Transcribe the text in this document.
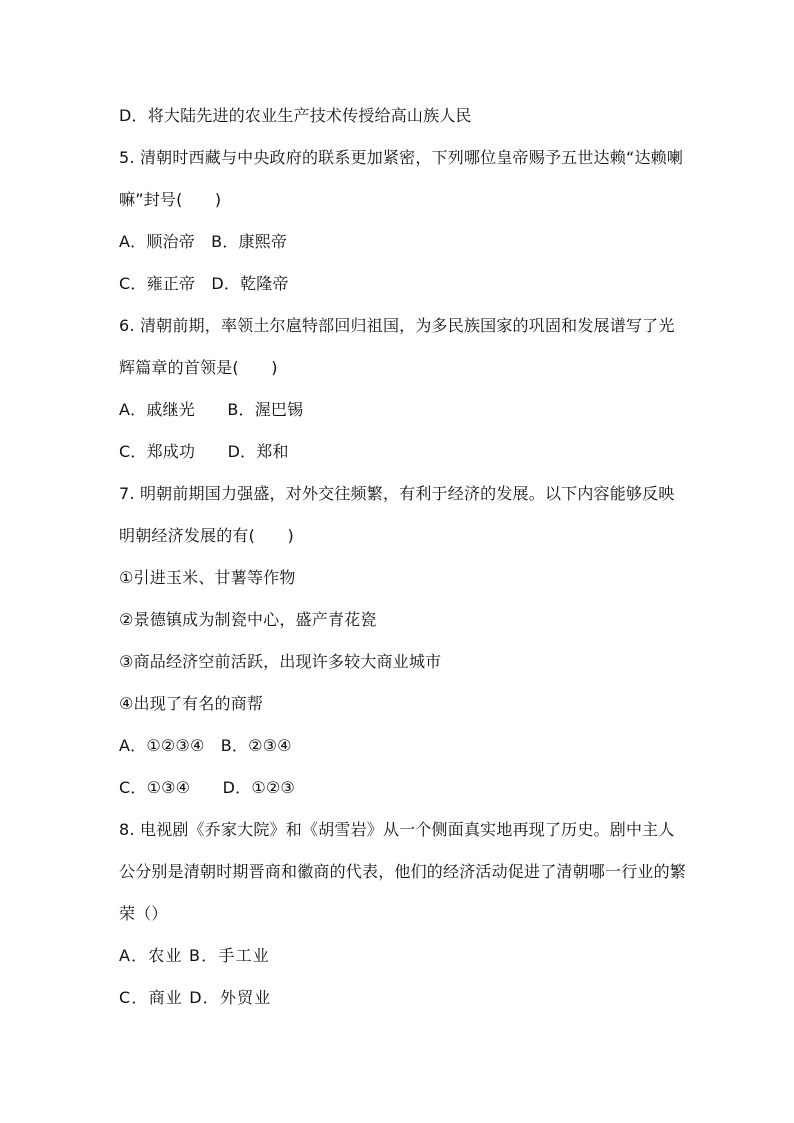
D．将大陆先进的农业生产技术传授给高山族人民
5. 清朝时西藏与中央政府的联系更加紧密，下列哪位皇帝赐予五世达赖“达赖喇
嘛”封号(　　)
A．顺治帝　B．康熙帝
C．雍正帝　D．乾隆帝
6. 清朝前期，率领土尔扈特部回归祖国，为多民族国家的巩固和发展谱写了光
辉篇章的首领是(　　)
A．戚继光　　B．渥巴锡
C．郑成功　　D．郑和
7. 明朝前期国力强盛，对外交往频繁，有利于经济的发展。以下内容能够反映
明朝经济发展的有(　　)
①引进玉米、甘薯等作物
②景德镇成为制瓷中心，盛产青花瓷
③商品经济空前活跃，出现许多较大商业城市
④出现了有名的商帮
A．①②③④　B．②③④
C．①③④　　D．①②③
8. 电视剧《乔家大院》和《胡雪岩》从一个侧面真实地再现了历史。剧中主人
公分别是清朝时期晋商和徽商的代表，他们的经济活动促进了清朝哪一行业的繁
荣（）
A．农业 B．手工业
C．商业 D．外贸业
